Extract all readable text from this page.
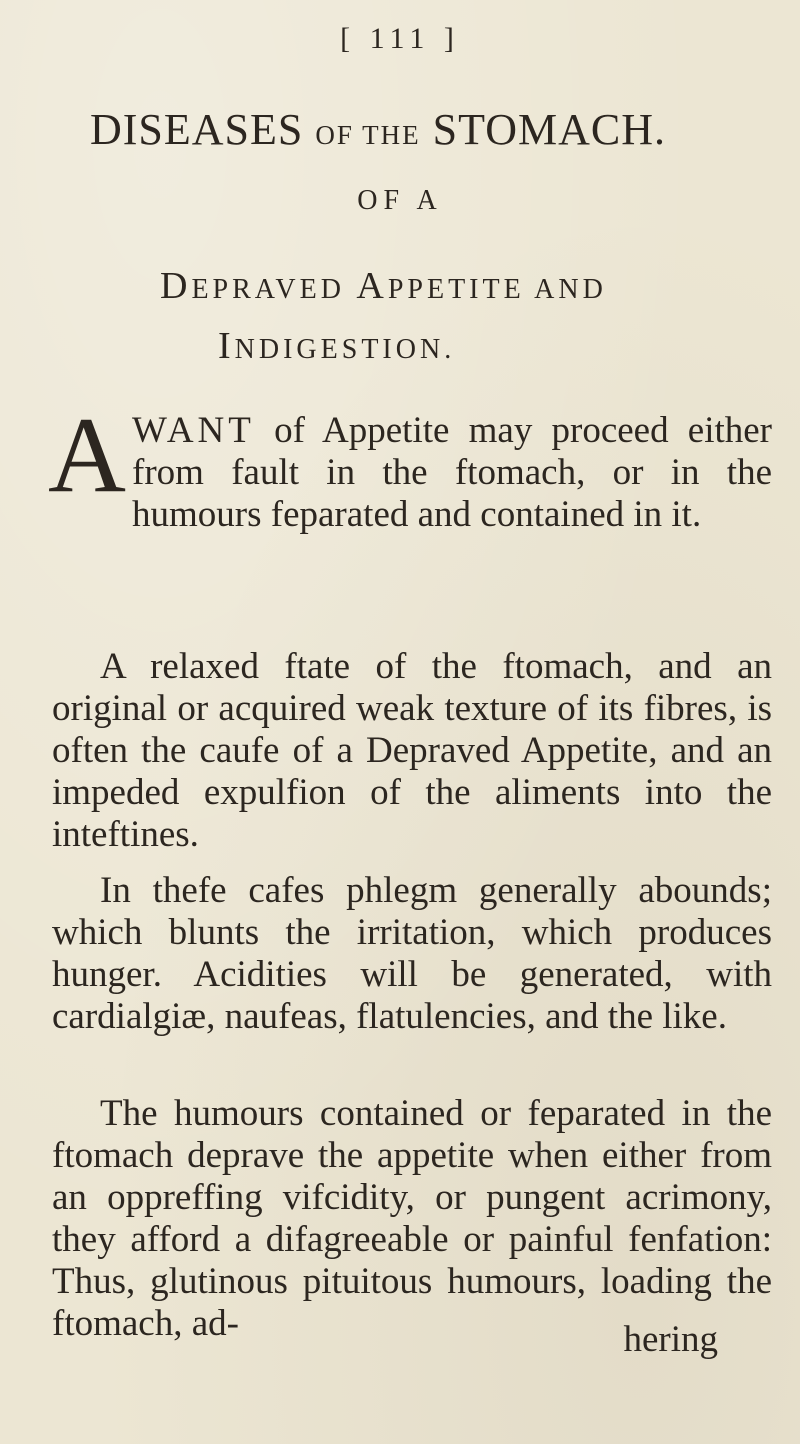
[ 111 ]
DISEASES OF THE STOMACH.
OF A
DEPRAVED APPETITE AND
INDIGESTION.
A WANT of Appetite may proceed either from fault in the ftomach, or in the humours feparated and contained in it.
A relaxed ftate of the ftomach, and an original or acquired weak texture of its fibres, is often the caufe of a Depraved Appetite, and an impeded expulfion of the aliments into the inteftines.
In thefe cafes phlegm generally abounds; which blunts the irritation, which produces hunger. Acidities will be generated, with cardialgiæ, naufeas, flatulencies, and the like.
The humours contained or feparated in the ftomach deprave the appetite when either from an oppreffing vifcidity, or pungent acrimony, they afford a difagreeable or painful fenfation: Thus, glutinous pituitous humours, loading the ftomach, ad-	hering
